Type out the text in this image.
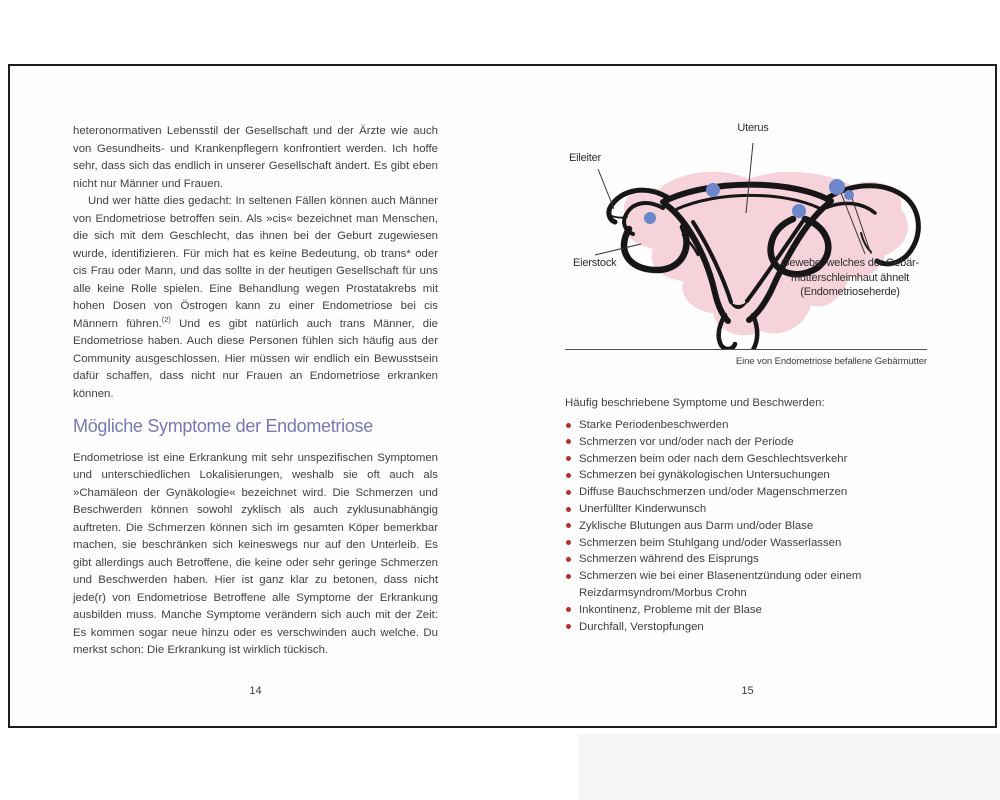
heteronormativen Lebensstil der Gesellschaft und der Ärzte wie auch von Gesundheits- und Krankenpflegern konfrontiert werden. Ich hoffe sehr, dass sich das endlich in unserer Gesellschaft ändert. Es gibt eben nicht nur Männer und Frauen.

Und wer hätte dies gedacht: In seltenen Fällen können auch Männer von Endometriose betroffen sein. Als »cis« bezeichnet man Menschen, die sich mit dem Geschlecht, das ihnen bei der Geburt zugewiesen wurde, identifizieren. Für mich hat es keine Bedeutung, ob trans* oder cis Frau oder Mann, und das sollte in der heutigen Gesellschaft für uns alle keine Rolle spielen. Eine Behandlung wegen Prostatakrebs mit hohen Dosen von Östrogen kann zu einer Endometriose bei cis Männern führen.$^{(2)}$ Und es gibt natürlich auch trans Männer, die Endometriose haben. Auch diese Personen fühlen sich häufig aus der Community ausgeschlossen. Hier müssen wir endlich ein Bewusstsein dafür schaffen, dass nicht nur Frauen an Endometriose erkranken können.

Mögliche Symptome der Endometriose

Endometriose ist eine Erkrankung mit sehr unspezifischen Symptomen und unterschiedlichen Lokalisierungen, weshalb sie oft auch als »Chamäleon der Gynäkologie« bezeichnet wird. Die Schmerzen und Beschwerden können sowohl zyklisch als auch zyklusunabhängig auftreten. Die Schmerzen können sich im gesamten Köper bemerkbar machen, sie beschränken sich keineswegs nur auf den Unterleib. Es gibt allerdings auch Betroffene, die keine oder sehr geringe Schmerzen und Beschwerden haben. Hier ist ganz klar zu betonen, dass nicht jede(r) von Endometriose Betroffene alle Symptome der Erkrankung ausbilden muss. Manche Symptome verändern sich auch mit der Zeit: Es kommen sogar neue hinzu oder es verschwinden auch welche. Du merkst schon: Die Erkrankung ist wirklich tückisch.

14
Uterus
Eileiter
Eierstock	Gewebe, welches der Gebär-
mutterschleimhaut ähnelt
(Endometrioseherde)
Eine von Endometriose befallene Gebärmutter

Häufig beschriebene Symptome und Beschwerden:

Starke Periodenbeschwerden
Schmerzen vor und/oder nach der Periode
Schmerzen beim oder nach dem Geschlechtsverkehr
Schmerzen bei gynäkologischen Untersuchungen
Diffuse Bauchschmerzen und/oder Magenschmerzen
Unerfüllter Kinderwunsch
Zyklische Blutungen aus Darm und/oder Blase
Schmerzen beim Stuhlgang und/oder Wasserlassen
Schmerzen während des Eisprungs
Schmerzen wie bei einer Blasenentzündung oder einem Reizdarmsyndrom/Morbus Crohn
Inkontinenz, Probleme mit der Blase
Durchfall, Verstopfungen
15
